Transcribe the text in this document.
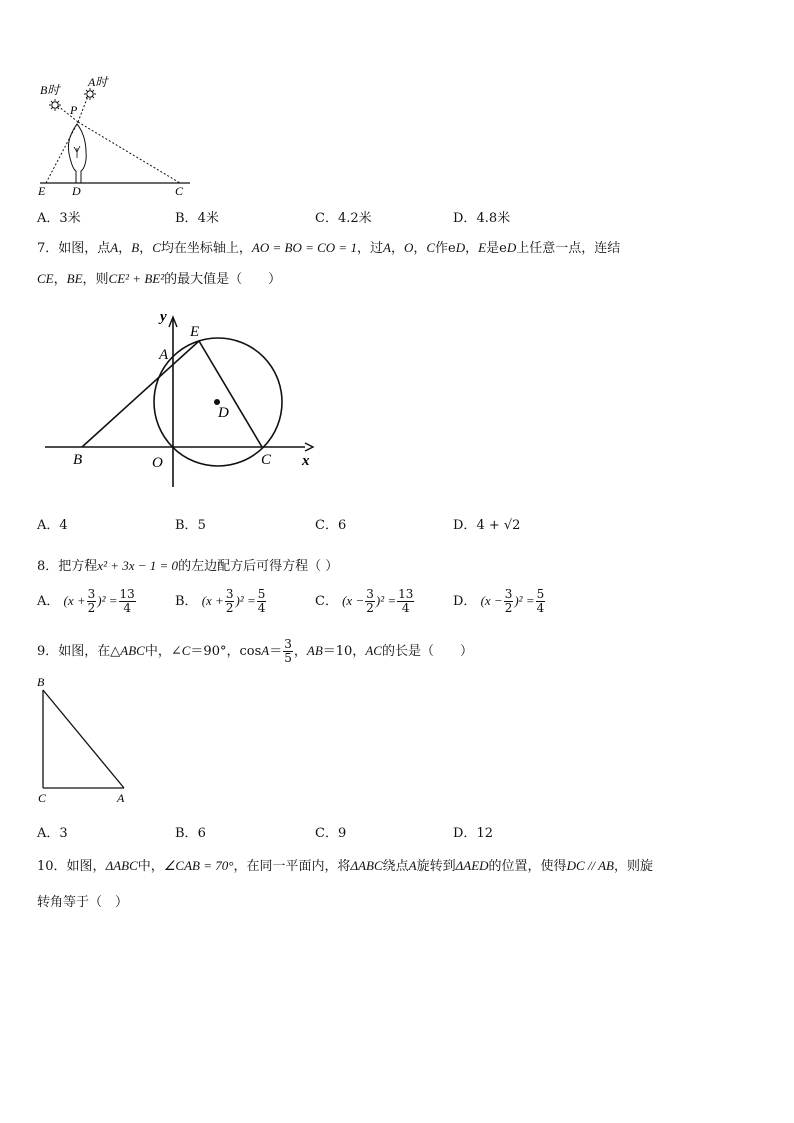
B时
A时
P
E D	C
A．3米	B．4米	C．4.2米	D．4.8米
7．如图，点A，B，C均在坐标轴上，AO = BO = CO = 1，过A，O，C作eD，E是eD上任意一点，连结
CE，BE，则CE² + BE²的最大值是（　　）
y
x
E
A
D
B	O	C
A．4	B．5	C．6	D．4 + √2
8．把方程x² + 3x − 1 = 0的左边配方后可得方程（ ）
A． $(x + \frac{3}{2} )^2 = \frac{13}{4}$	B． $(x + \frac{3}{2} )^2 = \frac{5}{4}$	C． $(x - \frac{3}{2} )^2 = \frac{13}{4}$	D． $(x - \frac{3}{2} )^2 = \frac{5}{4}$
9．如图，在△ABC中，∠C＝90°，$\cos A= \frac{3}{5}$ ，AB＝10，AC的长是（　　）
B
C	A
A．3	B．6	C．9	D．12
10．如图，ΔABC中，∠CAB = 70°，在同一平面内，将ΔABC绕点A旋转到ΔAED的位置，使得DC // AB，则旋
转角等于（　）
